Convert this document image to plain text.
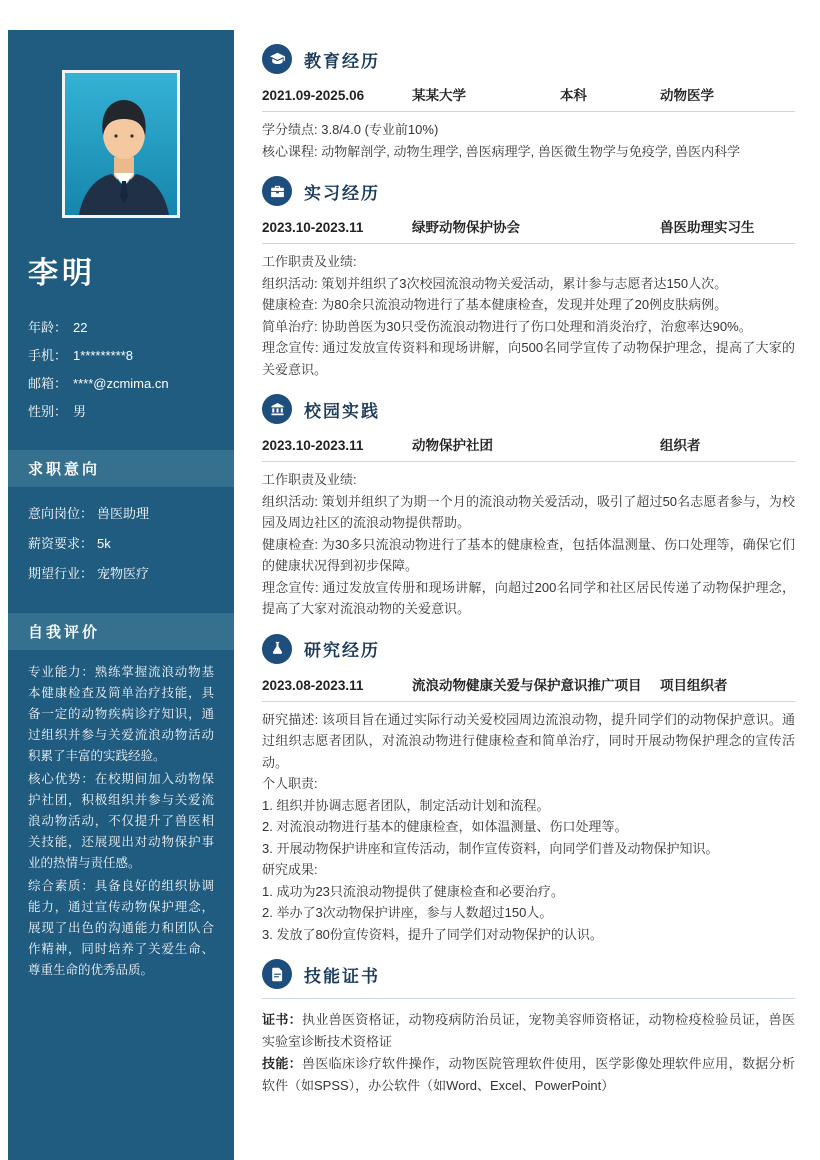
李明
年龄： 22
手机： 1*********8
邮箱： ****@zcmima.cn
性别： 男
求职意向
意向岗位： 兽医助理
薪资要求： 5k
期望行业： 宠物医疗
自我评价

专业能力：熟练掌握流浪动物基本健康检查及简单治疗技能，具备一定的动物疾病诊疗知识，通过组织并参与关爱流浪动物活动积累了丰富的实践经验。

核心优势：在校期间加入动物保护社团，积极组织并参与关爱流浪动物活动，不仅提升了兽医相关技能，还展现出对动物保护事业的热情与责任感。

综合素质：具备良好的组织协调能力，通过宣传动物保护理念，展现了出色的沟通能力和团队合作精神，同时培养了关爱生命、尊重生命的优秀品质。

教育经历
2021.09-2025.06	某某大学	本科	动物医学

学分绩点: 3.8/4.0 (专业前10%)

核心课程: 动物解剖学, 动物生理学, 兽医病理学, 兽医微生物学与免疫学, 兽医内科学

实习经历
2023.10-2023.11	绿野动物保护协会	兽医助理实习生

工作职责及业绩:

组织活动: 策划并组织了3次校园流浪动物关爱活动，累计参与志愿者达150人次。

健康检查: 为80余只流浪动物进行了基本健康检查，发现并处理了20例皮肤病例。

简单治疗: 协助兽医为30只受伤流浪动物进行了伤口处理和消炎治疗，治愈率达90%。

理念宣传: 通过发放宣传资料和现场讲解，向500名同学宣传了动物保护理念，提高了大家的关爱意识。

校园实践
2023.10-2023.11	动物保护社团	组织者

工作职责及业绩:

组织活动: 策划并组织了为期一个月的流浪动物关爱活动，吸引了超过50名志愿者参与，为校园及周边社区的流浪动物提供帮助。

健康检查: 为30多只流浪动物进行了基本的健康检查，包括体温测量、伤口处理等，确保它们的健康状况得到初步保障。

理念宣传: 通过发放宣传册和现场讲解，向超过200名同学和社区居民传递了动物保护理念，提高了大家对流浪动物的关爱意识。

研究经历
2023.08-2023.11	流浪动物健康关爱与保护意识推广项目	项目组织者

研究描述: 该项目旨在通过实际行动关爱校园周边流浪动物，提升同学们的动物保护意识。通过组织志愿者团队，对流浪动物进行健康检查和简单治疗，同时开展动物保护理念的宣传活动。

个人职责:

1. 组织并协调志愿者团队，制定活动计划和流程。

2. 对流浪动物进行基本的健康检查，如体温测量、伤口处理等。

3. 开展动物保护讲座和宣传活动，制作宣传资料，向同学们普及动物保护知识。

研究成果:

1. 成功为23只流浪动物提供了健康检查和必要治疗。

2. 举办了3次动物保护讲座，参与人数超过150人。

3. 发放了80份宣传资料，提升了同学们对动物保护的认识。

技能证书

证书：执业兽医资格证，动物疫病防治员证，宠物美容师资格证，动物检疫检验员证，兽医实验室诊断技术资格证

技能：兽医临床诊疗软件操作，动物医院管理软件使用，医学影像处理软件应用，数据分析软件（如SPSS），办公软件（如Word、Excel、PowerPoint）
